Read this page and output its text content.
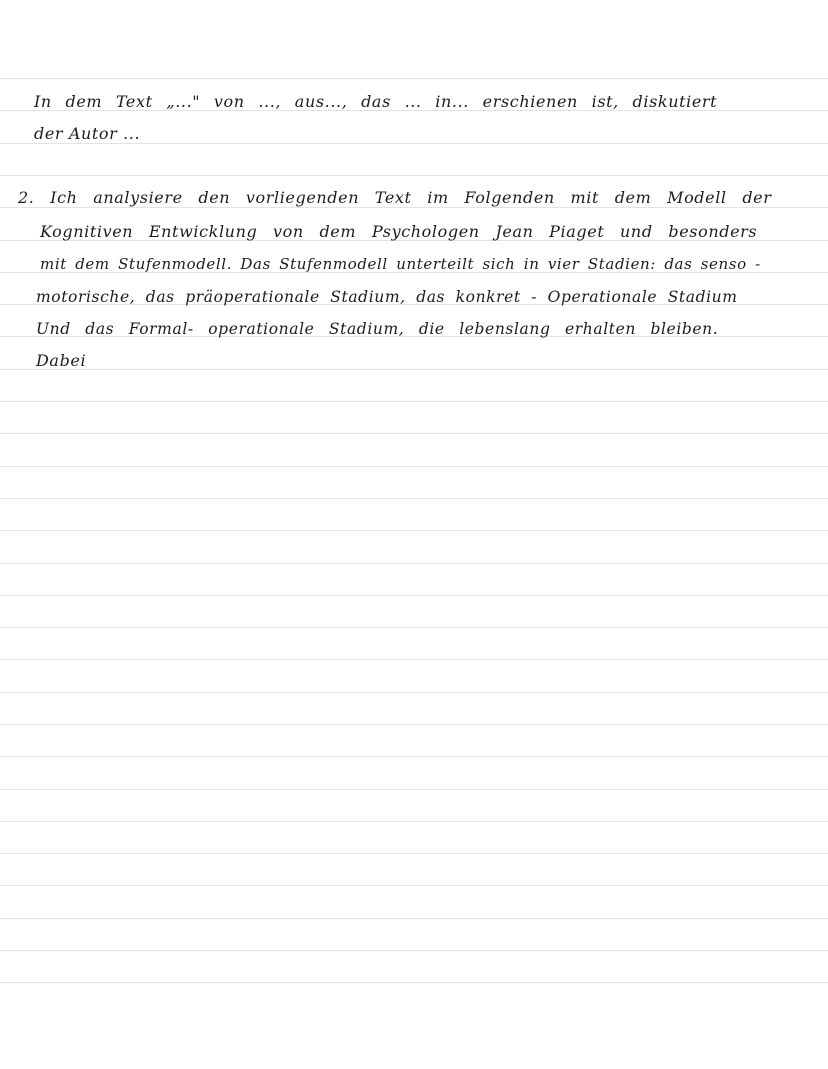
In dem Text „..." von ..., aus..., das ... in... erschienen ist, diskutiert
der Autor ...
2. Ich analysiere den vorliegenden Text im Folgenden mit dem Modell der
Kognitiven Entwicklung von dem Psychologen Jean Piaget und besonders
mit dem Stufenmodell. Das Stufenmodell unterteilt sich in vier Stadien: das senso -
motorische, das präoperationale Stadium, das konkret - Operationale Stadium
Und das Formal- operationale Stadium, die lebenslang erhalten bleiben.
Dabei
